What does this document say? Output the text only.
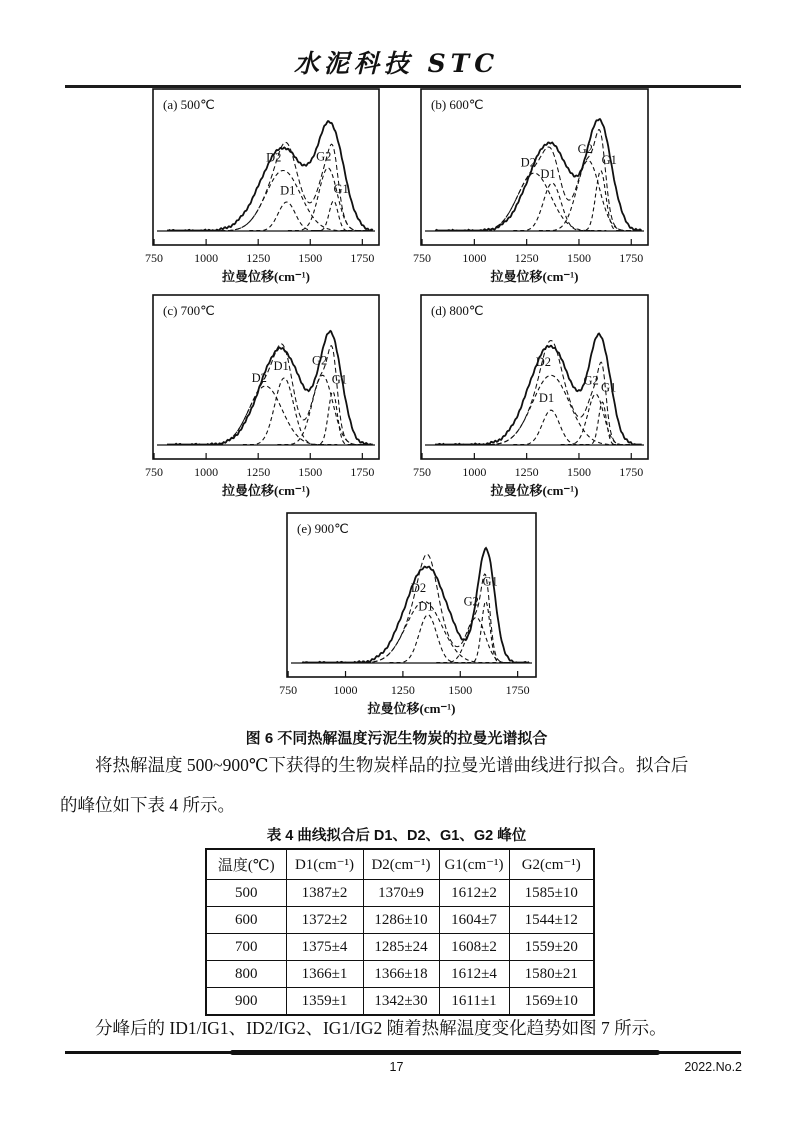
水泥科技 STC
750	1000 1250 1500 1750
拉曼位移(cm⁻¹)
(a) 500℃
D2
D1
G2
G1
750	1000 1250 1500 1750
拉曼位移(cm⁻¹)
(b) 600℃
D2
D1
G2
G1
750	1000 1250 1500 1750
拉曼位移(cm⁻¹)
(c) 700℃
D2
D1 G2
G1
750	1000 1250 1500 1750
拉曼位移(cm⁻¹)
(d) 800℃
D2
D1
G2 G1
750	1000	1250	1500	1750
拉曼位移(cm⁻¹)
(e) 900℃
D2
D1 G2
G1
图 6 不同热解温度污泥生物炭的拉曼光谱拟合
将热解温度 500~900℃下获得的生物炭样品的拉曼光谱曲线进行拟合。拟合后
的峰位如下表 4 所示。
表 4 曲线拟合后 D1、D2、G1、G2 峰位
温度(℃)	D1(cm⁻¹)	D2(cm⁻¹)	G1(cm⁻¹)	G2(cm⁻¹)
500	1387±2	1370±9	1612±2	1585±10
600	1372±2	1286±10	1604±7	1544±12
700	1375±4	1285±24	1608±2	1559±20
800	1366±1	1366±18	1612±4	1580±21
900	1359±1	1342±30	1611±1	1569±10
分峰后的 ID1/IG1、ID2/IG2、IG1/IG2 随着热解温度变化趋势如图 7 所示。
17	2022.No.2
